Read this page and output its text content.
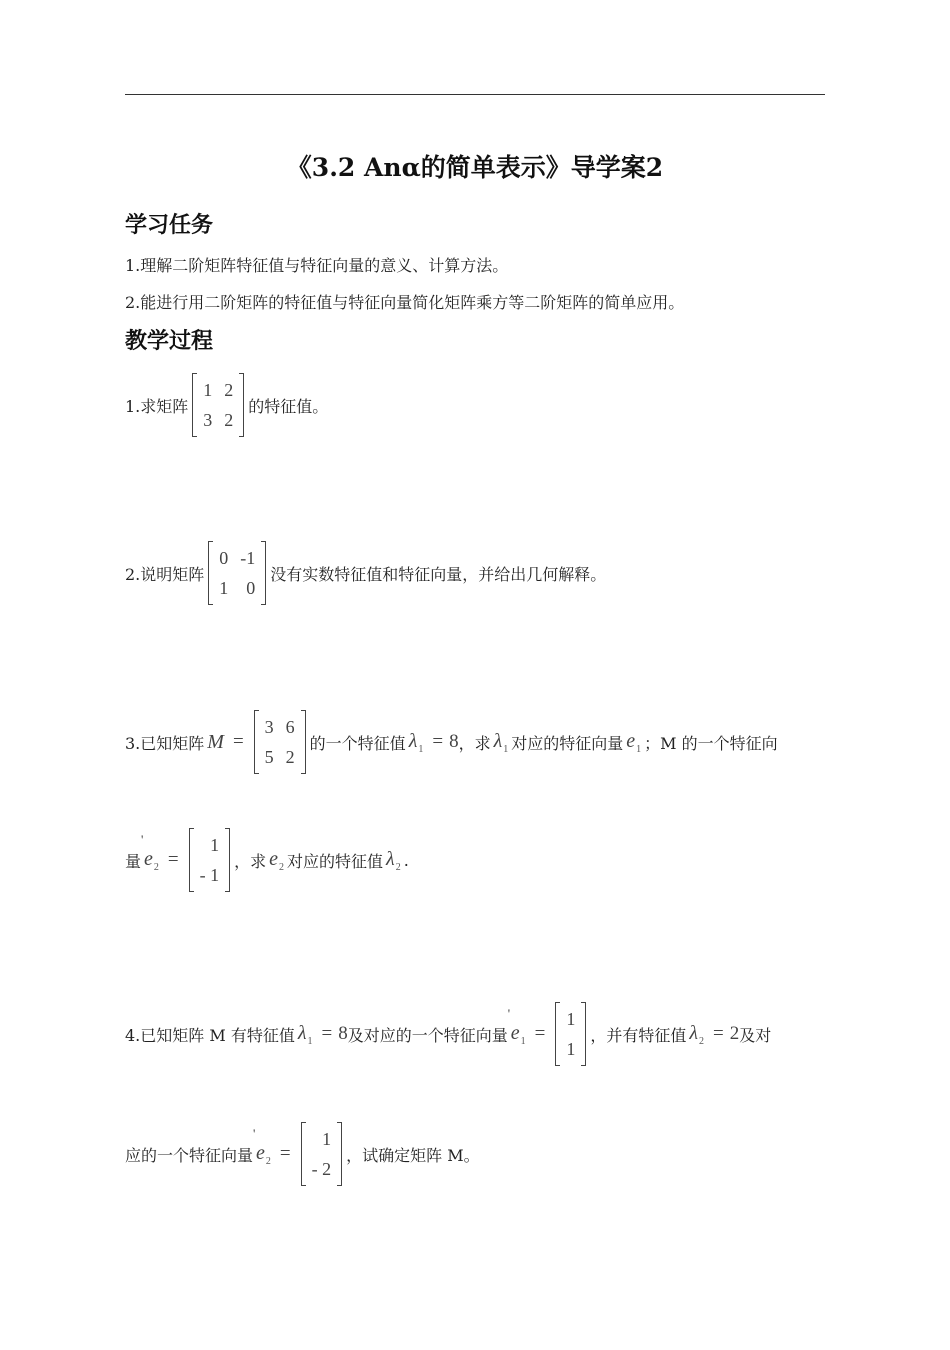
《3.2 Anα的简单表示》导学案2
学习任务
1.理解二阶矩阵特征值与特征向量的意义、计算方法。
2.能进行用二阶矩阵的特征值与特征向量简化矩阵乘方等二阶矩阵的简单应用。
教学过程
1.求矩阵
1 2
3 2
的特征值。
2.说明矩阵
0 -1
1 0
没有实数特征值和特征向量，并给出几何解释。
3.已知矩阵 M =
3 6
5 2
的一个特征值 $\lambda_1 = 8$ ，求 $\lambda_1$ 对应的特征向量 $e_1$ ；M 的一个特征向
量 ' $e_2$ =
1
- 1
，求 $e_2$ 对应的特征值 $\lambda_2$ .
4.已知矩阵 M 有特征值 $\lambda_1 = 8$ 及对应的一个特征向量 ' $e_1$ =
1
1
，并有特征值 $\lambda_2 = 2$ 及对
应的一个特征向量 ' $e_2$ =
1
- 2
，试确定矩阵 M。
